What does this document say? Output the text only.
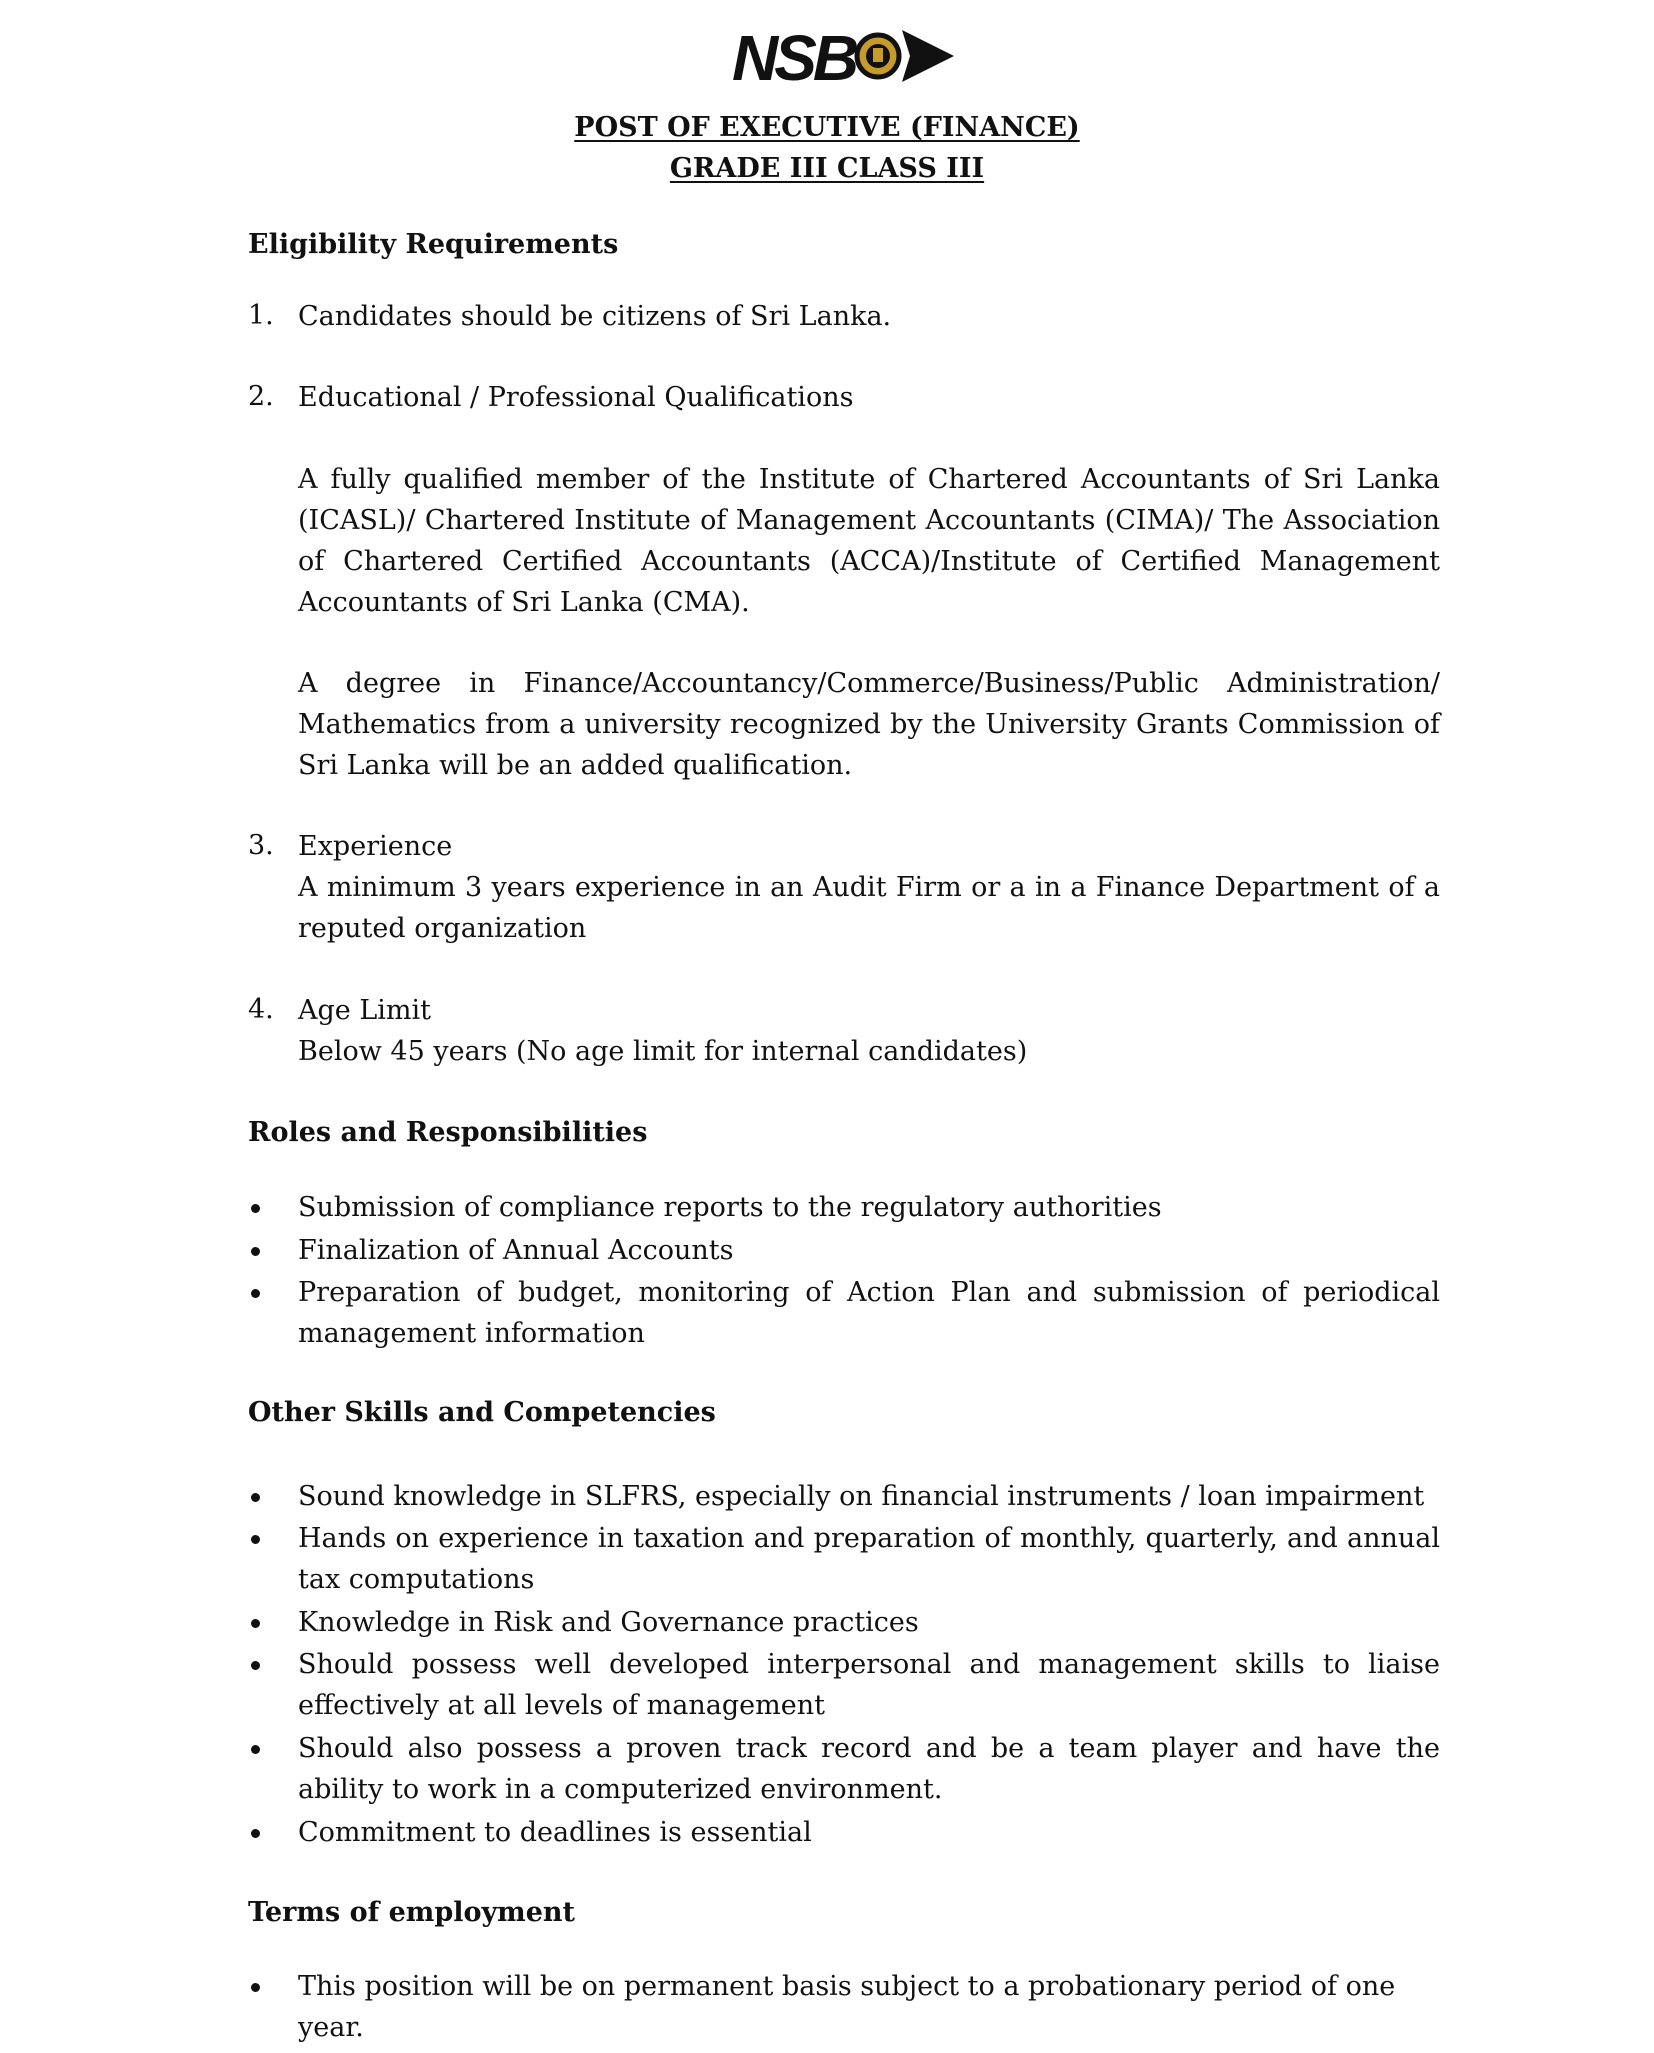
NSB
POST OF EXECUTIVE (FINANCE)
GRADE III CLASS III
Eligibility Requirements
1. Candidates should be citizens of Sri Lanka.
2. Educational / Professional Qualifications
A fully qualified member of the Institute of Chartered Accountants of Sri Lanka (ICASL)/ Chartered Institute of Management Accountants (CIMA)/ The Association of Chartered Certified Accountants (ACCA)/Institute of Certified Management Accountants of Sri Lanka (CMA).
A degree in Finance/Accountancy/Commerce/Business/Public Administration/ Mathematics from a university recognized by the University Grants Commission of Sri Lanka will be an added qualification.
3. Experience
A minimum 3 years experience in an Audit Firm or a in a Finance Department of a reputed organization
4. Age Limit
Below 45 years (No age limit for internal candidates)
Roles and Responsibilities
Submission of compliance reports to the regulatory authorities
Finalization of Annual Accounts
Preparation of budget, monitoring of Action Plan and submission of periodical management information
Other Skills and Competencies
Sound knowledge in SLFRS, especially on financial instruments / loan impairment
Hands on experience in taxation and preparation of monthly, quarterly, and annual tax computations
Knowledge in Risk and Governance practices
Should possess well developed interpersonal and management skills to liaise effectively at all levels of management
Should also possess a proven track record and be a team player and have the ability to work in a computerized environment.
Commitment to deadlines is essential
Terms of employment
This position will be on permanent basis subject to a probationary period of one year.
